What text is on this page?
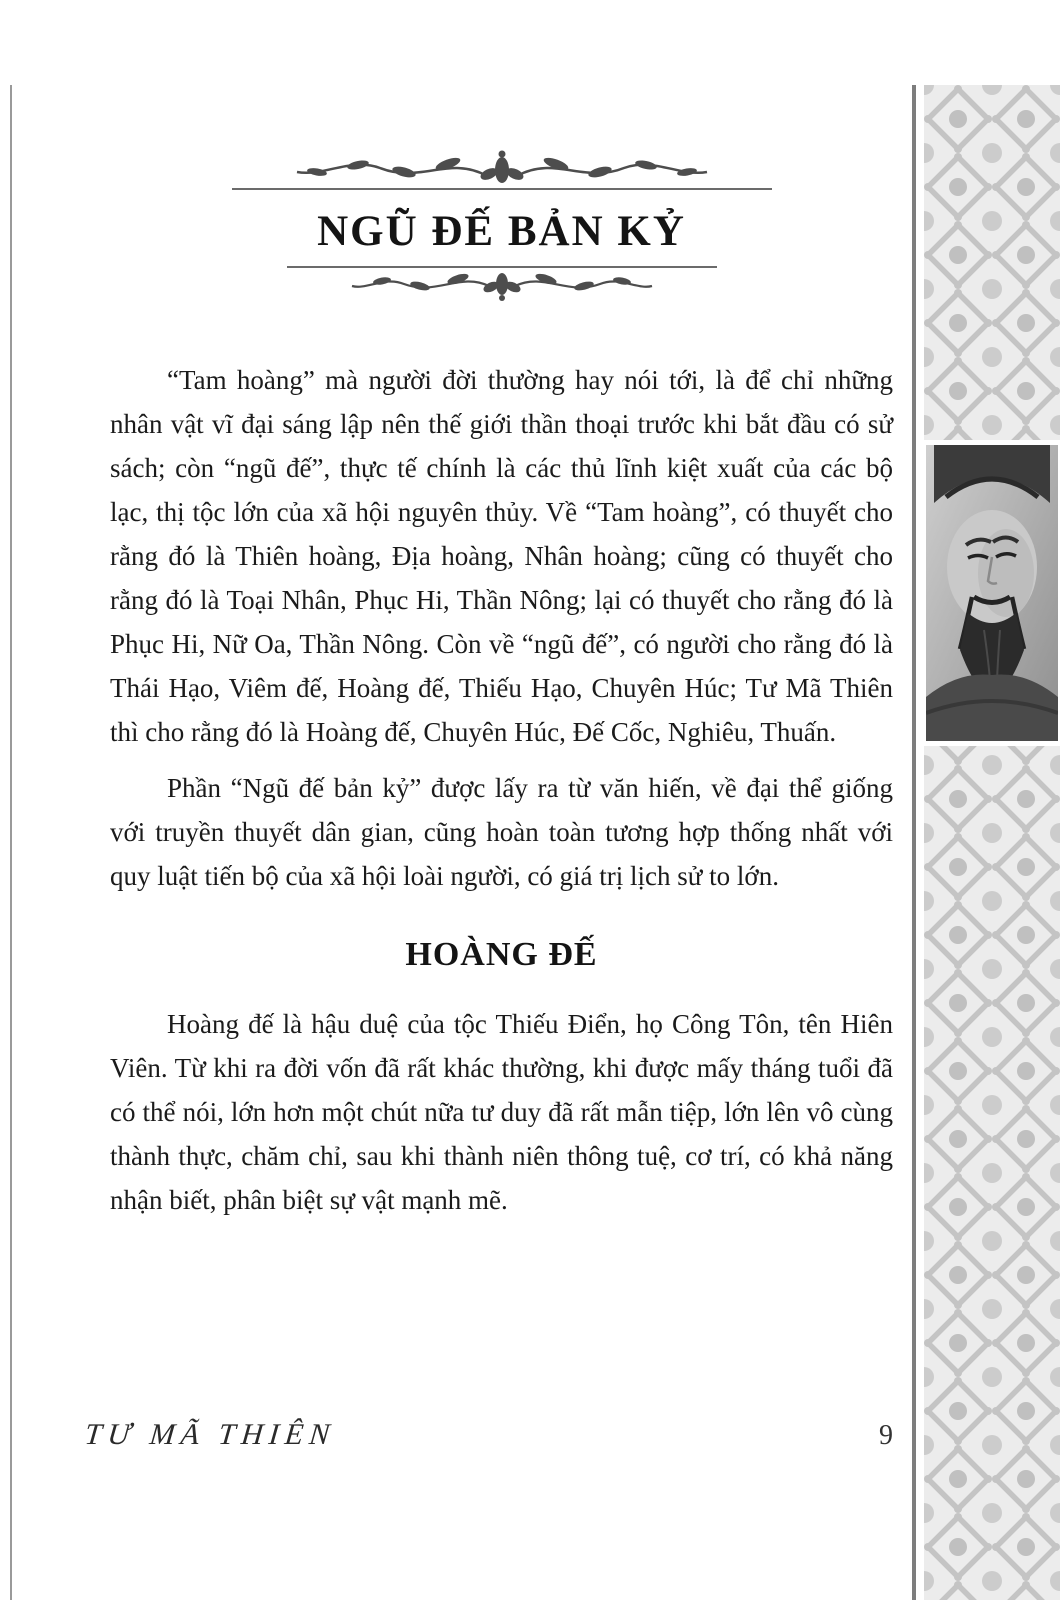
NGŨ ĐẾ BẢN KỶ

“Tam hoàng” mà người đời thường hay nói tới, là để chỉ những nhân vật vĩ đại sáng lập nên thế giới thần thoại trước khi bắt đầu có sử sách; còn “ngũ đế”, thực tế chính là các thủ lĩnh kiệt xuất của các bộ lạc, thị tộc lớn của xã hội nguyên thủy. Về “Tam hoàng”, có thuyết cho rằng đó là Thiên hoàng, Địa hoàng, Nhân hoàng; cũng có thuyết cho rằng đó là Toại Nhân, Phục Hi, Thần Nông; lại có thuyết cho rằng đó là Phục Hi, Nữ Oa, Thần Nông. Còn về “ngũ đế”, có người cho rằng đó là Thái Hạo, Viêm đế, Hoàng đế, Thiếu Hạo, Chuyên Húc; Tư Mã Thiên thì cho rằng đó là Hoàng đế, Chuyên Húc, Đế Cốc, Nghiêu, Thuấn.

Phần “Ngũ đế bản kỷ” được lấy ra từ văn hiến, về đại thể giống với truyền thuyết dân gian, cũng hoàn toàn tương hợp thống nhất với quy luật tiến bộ của xã hội loài người, có giá trị lịch sử to lớn.

HOÀNG ĐẾ

Hoàng đế là hậu duệ của tộc Thiếu Điển, họ Công Tôn, tên Hiên Viên. Từ khi ra đời vốn đã rất khác thường, khi được mấy tháng tuổi đã có thể nói, lớn hơn một chút nữa tư duy đã rất mẫn tiệp, lớn lên vô cùng thành thực, chăm chỉ, sau khi thành niên thông tuệ, cơ trí, có khả năng nhận biết, phân biệt sự vật mạnh mẽ.

TƯ MÃ THIÊN	9
